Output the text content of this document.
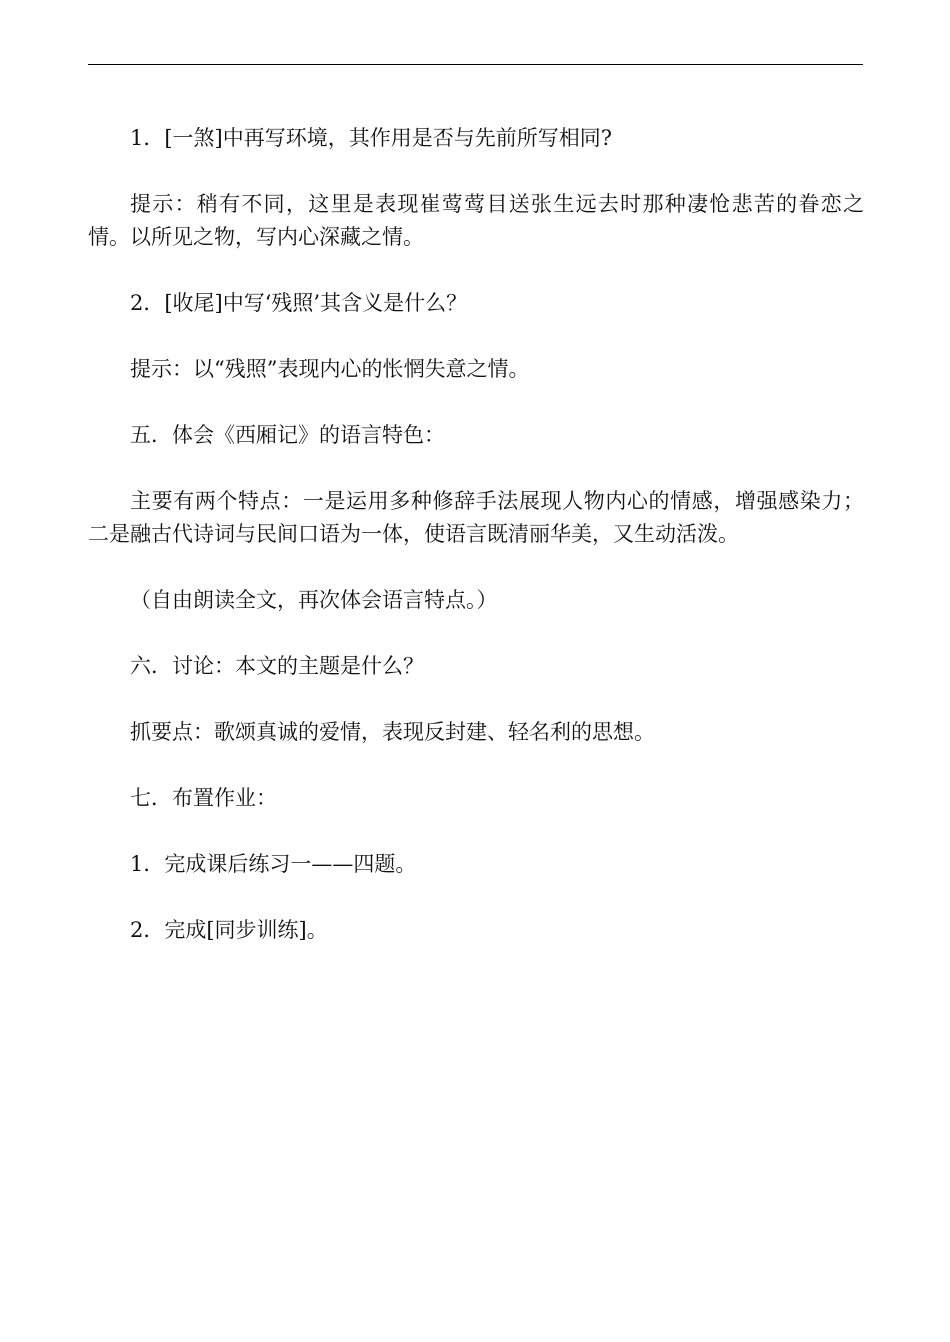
1．[一煞]中再写环境，其作用是否与先前所写相同?

提示：稍有不同，这里是表现崔莺莺目送张生远去时那种凄怆悲苦的眷恋之情。以所见之物，写内心深藏之情。

2．[收尾]中写‘残照’其含义是什么？

提示：以“残照”表现内心的怅惘失意之情。

五．体会《西厢记》的语言特色：

主要有两个特点：一是运用多种修辞手法展现人物内心的情感，增强感染力；二是融古代诗词与民间口语为一体，使语言既清丽华美，又生动活泼。

（自由朗读全文，再次体会语言特点。）

六．讨论：本文的主题是什么？

抓要点：歌颂真诚的爱情，表现反封建、轻名利的思想。

七．布置作业：

1．完成课后练习一——四题。

2．完成[同步训练]。
